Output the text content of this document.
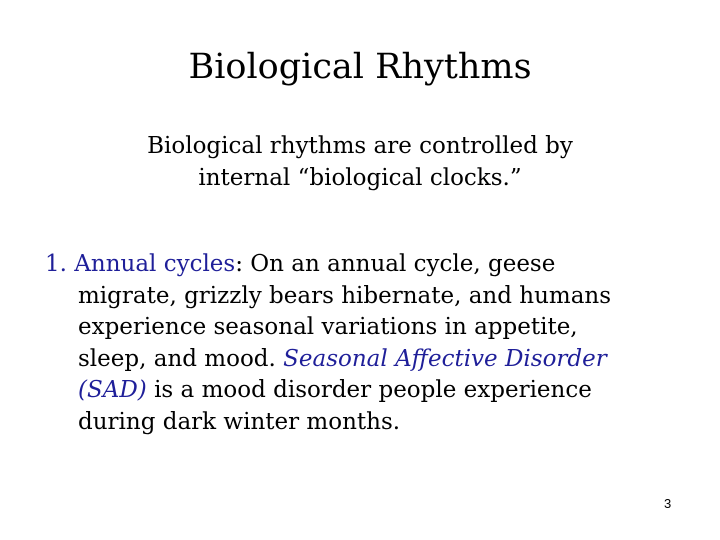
Biological Rhythms
Biological rhythms are controlled by
internal “biological clocks.”
1. Annual cycles: On an annual cycle, geese
migrate, grizzly bears hibernate, and humans
experience seasonal variations in appetite,
sleep, and mood. Seasonal Affective Disorder
(SAD) is a mood disorder people experience
during dark winter months.
3
